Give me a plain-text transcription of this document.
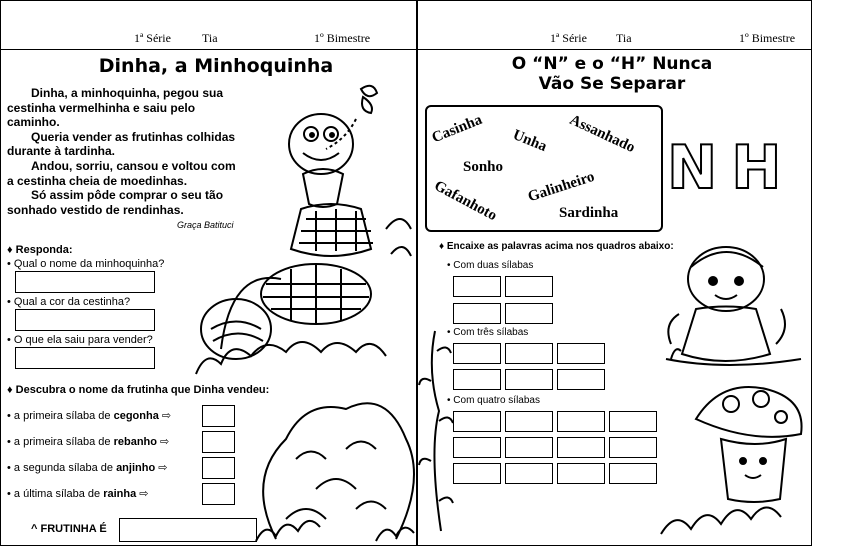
1ª Série	Tia	1º Bimestre
Dinha, a Minhoquinha

Dinha, a minhoquinha, pegou sua

cestinha vermelhinha e saiu pelo

caminho.

Queria vender as frutinhas colhidas

durante à tardinha.

Andou, sorriu, cansou e voltou com

a cestinha cheia de moedinhas.

Só assim pôde comprar o seu tão

sonhado vestido de rendinhas.

Graça Batituci
♦ Responda:
• Qual o nome da minhoquinha?
• Qual a cor da cestinha?
• O que ela saiu para vender?
♦ Descubra o nome da frutinha que Dinha vendeu:
• a primeira sílaba de cegonha ⇨
• a primeira sílaba de rebanho ⇨
• a segunda sílaba de anjinho ⇨
• a última sílaba de rainha ⇨
^ FRUTINHA É
1ª Série Tia	1º Bimestre
O “N” e o “H” Nunca
Vão Se Separar
Casinha Unha Assanhado
Sonho
Galinheiro
Gafanhoto	Sardinha
NH
♦ Encaixe as palavras acima nos quadros abaixo:
• Com duas sílabas
• Com três sílabas
• Com quatro sílabas
